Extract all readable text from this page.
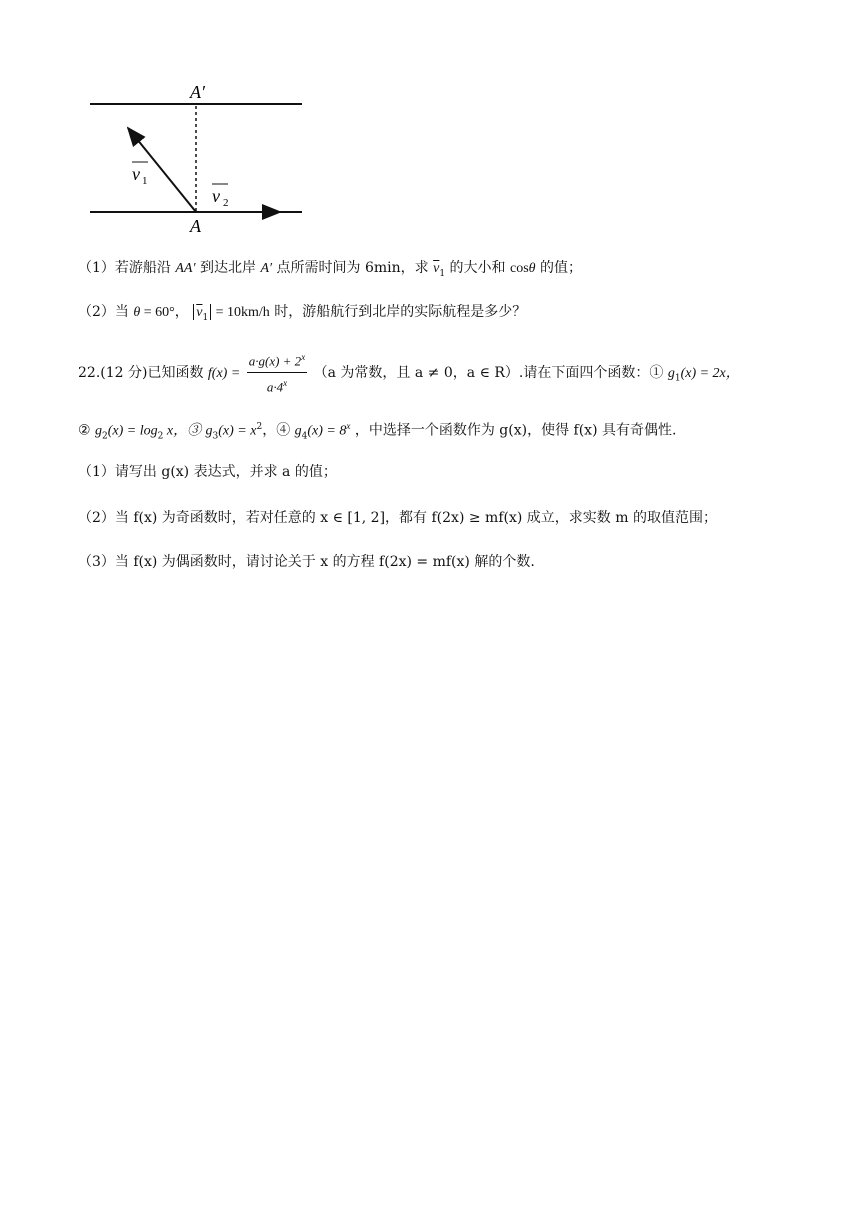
A′
A
v 1
v 2
（1）若游船沿 AA′ 到达北岸 A′ 点所需时间为 6min，求 $\overline{v}_1$ 的大小和 cosθ 的值；
（2）当 θ = 60°， $\overline{v}_1 = 10km/h$ 时，游船航行到北岸的实际航程是多少？
22.(12 分)已知函数 $f(x) = \frac{a\cdot g(x) + 2^x}{a\cdot 4^x} (a$ 为常数，且 a ≠ 0，a ∈ R）.请在下面四个函数：① $g_1(x) = 2x$，
② $g_2(x) = \log_2 x$，③ $g_3(x) = x^2$，④ $g_4(x) = 8^x$ ，中选择一个函数作为 g(x)，使得 f(x) 具有奇偶性.
（1）请写出 g(x) 表达式，并求 a 的值；
（2）当 f(x) 为奇函数时，若对任意的 x ∈ [1, 2]，都有 f(2x) ≥ mf(x) 成立，求实数 m 的取值范围；
（3）当 f(x) 为偶函数时，请讨论关于 x 的方程 f(2x) = mf(x) 解的个数.
